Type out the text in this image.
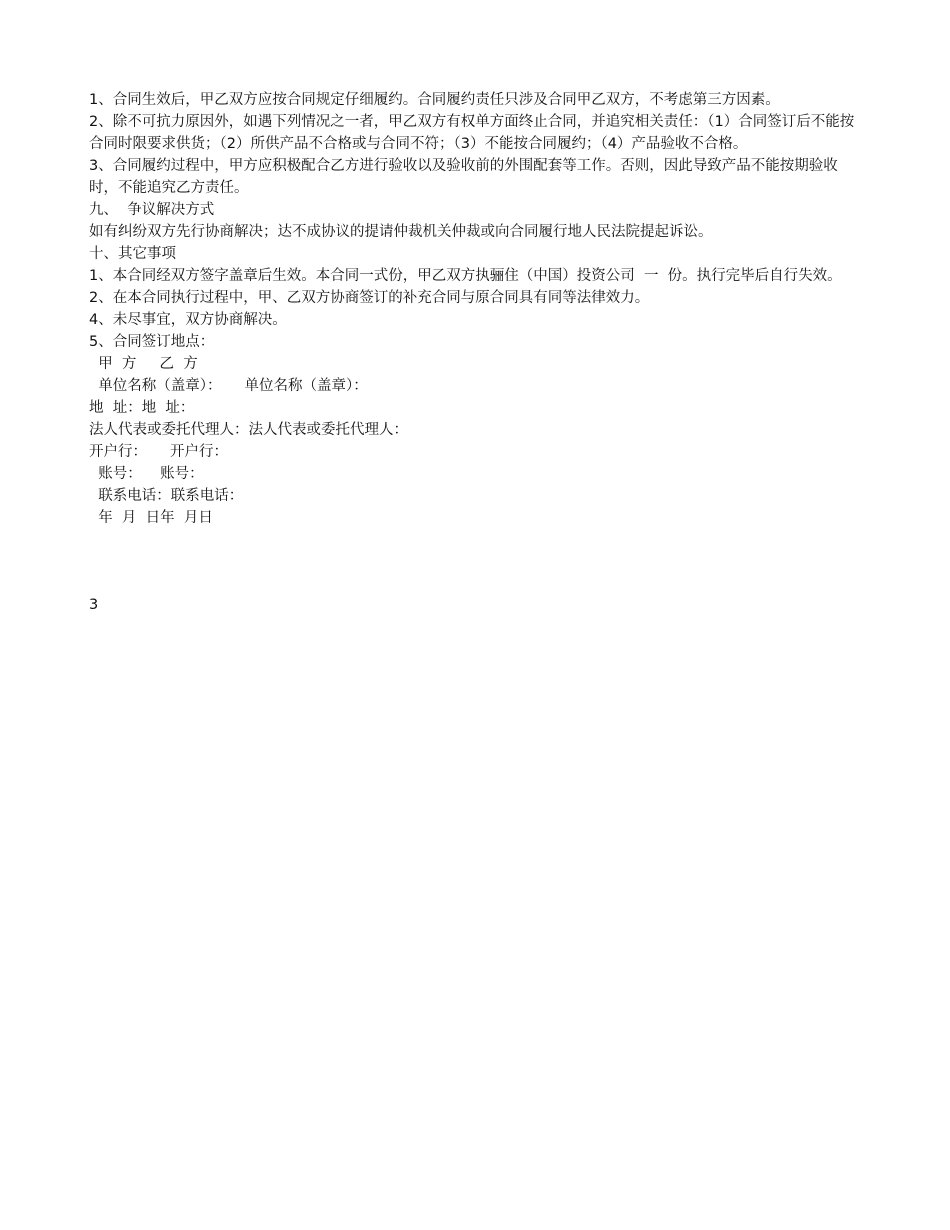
1、合同生效后，甲乙双方应按合同规定仔细履约。合同履约责任只涉及合同甲乙双方，不考虑第三方因素。

2、除不可抗力原因外，如遇下列情况之一者，甲乙双方有权单方面终止合同，并追究相关责任：（1）合同签订后不能按合同时限要求供货；（2）所供产品不合格或与合同不符；（3）不能按合同履约；（4）产品验收不合格。

3、合同履约过程中，甲方应积极配合乙方进行验收以及验收前的外围配套等工作。否则，因此导致产品不能按期验收时，不能追究乙方责任。

九、  争议解决方式

如有纠纷双方先行协商解决；达不成协议的提请仲裁机关仲裁或向合同履行地人民法院提起诉讼。

十、其它事项

1、本合同经双方签字盖章后生效。本合同一式份，甲乙双方执骊住（中国）投资公司  一  份。执行完毕后自行失效。

2、在本合同执行过程中，甲、乙双方协商签订的补充合同与原合同具有同等法律效力。

4、未尽事宜，双方协商解决。

5、合同签订地点：

甲  方     乙  方

单位名称（盖章）：     单位名称（盖章）：

地  址：地  址：

法人代表或委托代理人：法人代表或委托代理人：

开户行：     开户行：

账号：    账号：

联系电话：联系电话：

年  月  日年  月日

3
